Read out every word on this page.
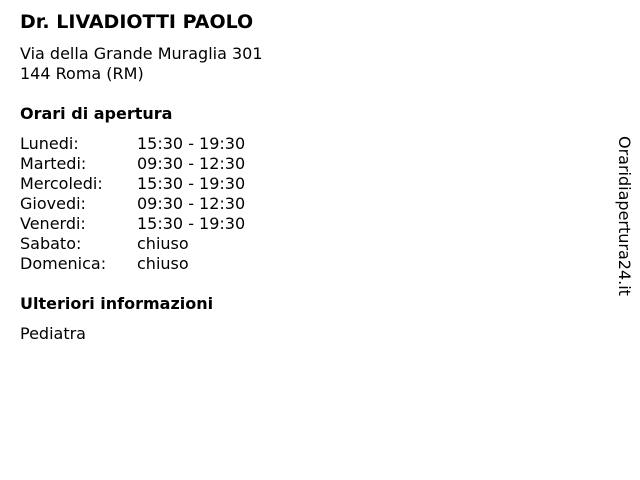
Dr. LIVADIOTTI PAOLO
Via della Grande Muraglia 301
144 Roma (RM)
Orari di apertura
Lunedi:	15:30 - 19:30
Martedi:	09:30 - 12:30
Mercoledi:	15:30 - 19:30
Giovedi:	09:30 - 12:30
Venerdi:	15:30 - 19:30
Sabato:	chiuso
Domenica:	chiuso
Ulteriori informazioni
Pediatra
Oraridiapertura24.it
